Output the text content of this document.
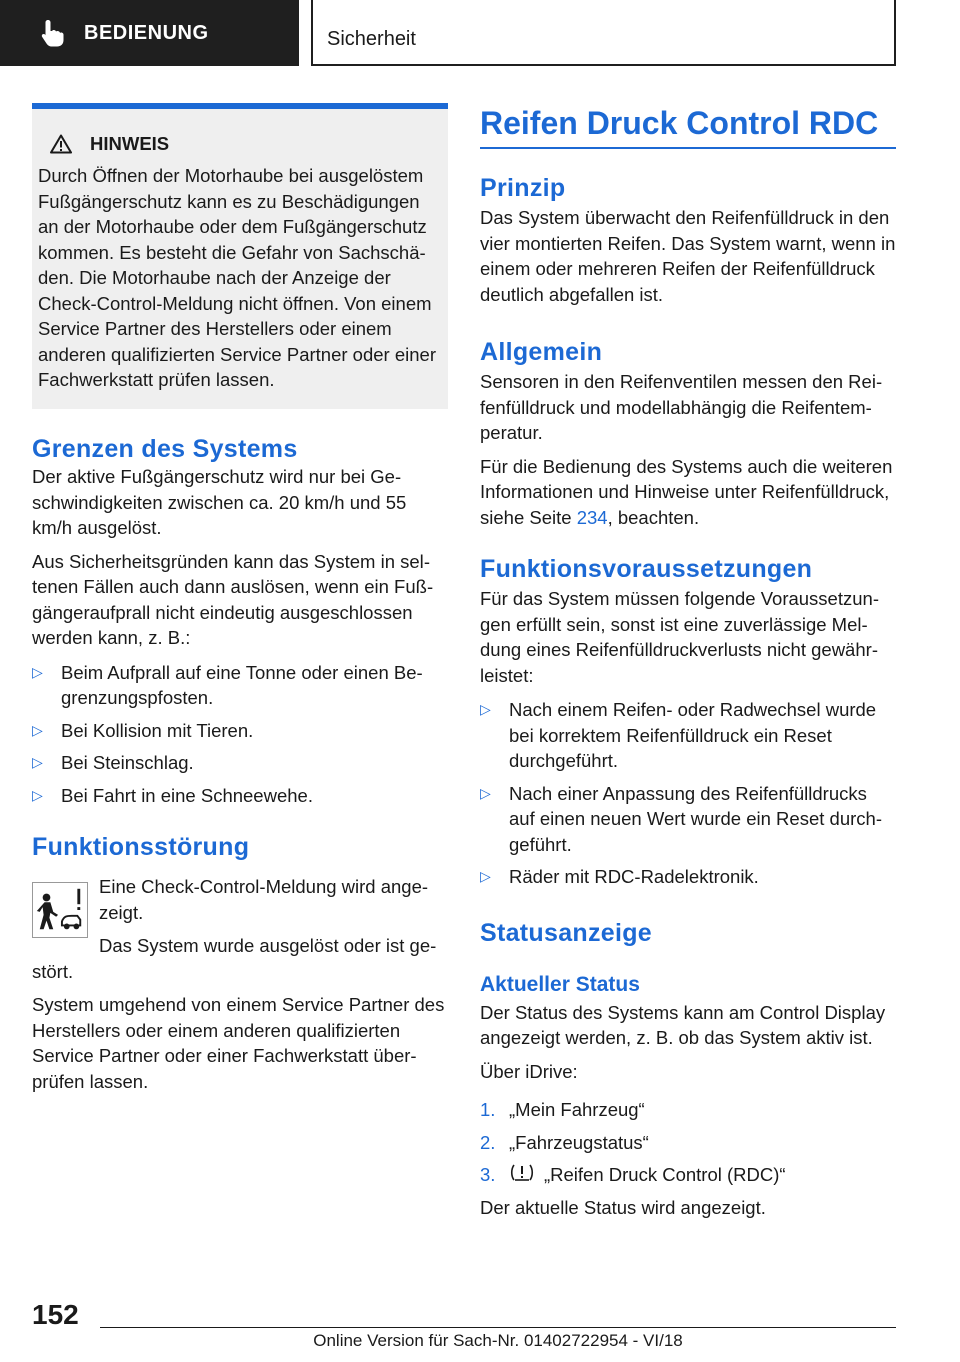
BEDIENUNG	Sicherheit
HINWEIS

Durch Öffnen der Motorhaube bei ausgelöstem Fußgängerschutz kann es zu Beschädigungen an der Motorhaube oder dem Fußgängerschutz kommen. Es besteht die Gefahr von Sachschäden. Die Motorhaube nach der Anzeige der Check-Control-Meldung nicht öffnen. Von einem Service Partner des Herstellers oder einem anderen qualifizierten Service Partner oder einer Fachwerkstatt prüfen lassen.

Grenzen des Systems

Der aktive Fußgängerschutz wird nur bei Geschwindigkeiten zwischen ca. 20 km/h und 55 km/h ausgelöst.

Aus Sicherheitsgründen kann das System in seltenen Fällen auch dann auslösen, wenn ein Fußgängeraufprall nicht eindeutig ausgeschlossen werden kann, z. B.:

▷ Beim Aufprall auf eine Tonne oder einen Begrenzungspfosten.
▷ Bei Kollision mit Tieren.
▷ Bei Steinschlag.
▷ Bei Fahrt in eine Schneewehe.
Funktionsstörung

Eine Check-Control-Meldung wird angezeigt.

Das System wurde ausgelöst oder ist gestört.

System umgehend von einem Service Partner des Herstellers oder einem anderen qualifizierten Service Partner oder einer Fachwerkstatt überprüfen lassen.

Reifen Druck Control RDC
Prinzip

Das System überwacht den Reifenfülldruck in den vier montierten Reifen. Das System warnt, wenn in einem oder mehreren Reifen der Reifenfülldruck deutlich abgefallen ist.

Allgemein

Sensoren in den Reifenventilen messen den Reifenfülldruck und modellabhängig die Reifentemperatur.

Für die Bedienung des Systems auch die weiteren Informationen und Hinweise unter Reifenfülldruck, siehe Seite 234, beachten.

Funktionsvoraussetzungen

Für das System müssen folgende Voraussetzungen erfüllt sein, sonst ist eine zuverlässige Meldung eines Reifenfülldruckverlusts nicht gewährleistet:

▷ Nach einem Reifen- oder Radwechsel wurde bei korrektem Reifenfülldruck ein Reset durchgeführt.
▷ Nach einer Anpassung des Reifenfülldrucks auf einen neuen Wert wurde ein Reset durchgeführt.
▷ Räder mit RDC-Radelektronik.
Statusanzeige
Aktueller Status

Der Status des Systems kann am Control Display angezeigt werden, z. B. ob das System aktiv ist.

Über iDrive:

1. „Mein Fahrzeug“
2. „Fahrzeugstatus“
3.	„Reifen Druck Control (RDC)“

Der aktuelle Status wird angezeigt.

152
Online Version für Sach-Nr. 01402722954 - VI/18
